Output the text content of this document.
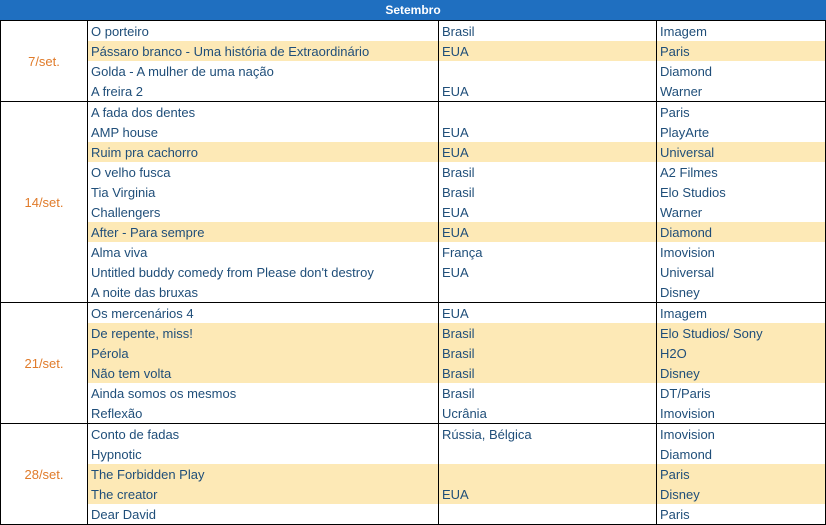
Setembro
7/set.	O porteiro	Brasil	Imagem
	Pássaro branco - Uma história de Extraordinário	EUA	Paris
	Golda - A mulher de uma nação		Diamond
	A freira 2	EUA	Warner
14/set.	A fada dos dentes		Paris
	AMP house	EUA	PlayArte
	Ruim pra cachorro	EUA	Universal
	O velho fusca	Brasil	A2 Filmes
	Tia Virginia	Brasil	Elo Studios
	Challengers	EUA	Warner
	After - Para sempre	EUA	Diamond
	Alma viva	França	Imovision
	Untitled buddy comedy from Please don't destroy	EUA	Universal
	A noite das bruxas		Disney
21/set.	Os mercenários 4	EUA	Imagem
	De repente, miss!	Brasil	Elo Studios/ Sony
	Pérola	Brasil	H2O
	Não tem volta	Brasil	Disney
	Ainda somos os mesmos	Brasil	DT/Paris
	Reflexão	Ucrânia	Imovision
28/set.	Conto de fadas	Rússia, Bélgica	Imovision
	Hypnotic		Diamond
	The Forbidden Play		Paris
	The creator	EUA	Disney
	Dear David		Paris
